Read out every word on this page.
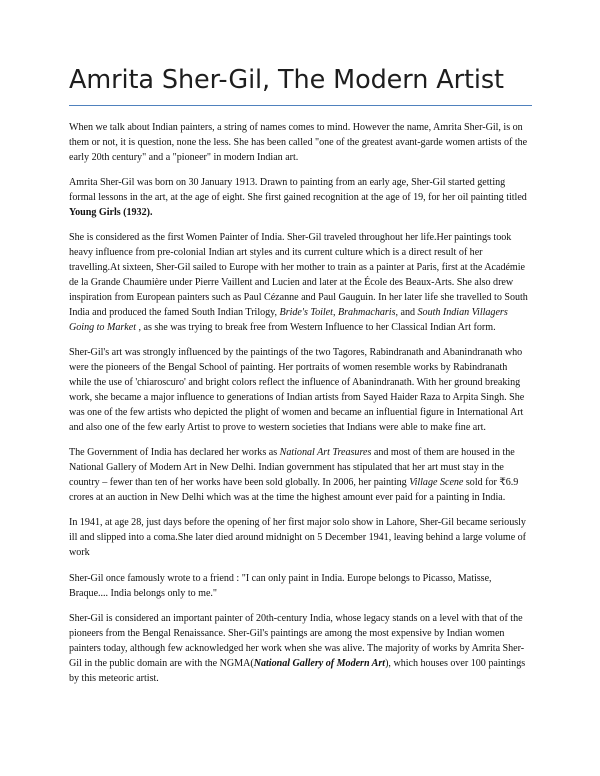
Amrita Sher-Gil, The Modern Artist

When we talk about Indian painters, a string of names comes to mind. However the name, Amrita Sher-Gil, is on them or not, it is question, none the less. She has been called "one of the greatest avant-garde women artists of the early 20th century" and a "pioneer" in modern Indian art.

Amrita Sher-Gil was born on 30 January 1913. Drawn to painting from an early age, Sher-Gil started getting formal lessons in the art, at the age of eight. She first gained recognition at the age of 19, for her oil painting titled Young Girls (1932).

She is considered as the first Women Painter of India. Sher-Gil traveled throughout her life.Her paintings took heavy influence from pre-colonial Indian art styles and its current culture which is a direct result of her travelling.At sixteen, Sher-Gil sailed to Europe with her mother to train as a painter at Paris, first at the Académie de la Grande Chaumière under Pierre Vaillent and Lucien and later at the École des Beaux-Arts. She also drew inspiration from European painters such as Paul Cézanne and Paul Gauguin. In her later life she travelled to South India and produced the famed South Indian Trilogy, Bride's Toilet, Brahmacharis, and South Indian Villagers Going to Market , as she was trying to break free from Western Influence to her Classical Indian Art form.

Sher-Gil's art was strongly influenced by the paintings of the two Tagores, Rabindranath and Abanindranath who were the pioneers of the Bengal School of painting. Her portraits of women resemble works by Rabindranath while the use of 'chiaroscuro' and bright colors reflect the influence of Abanindranath. With her ground breaking work, she became a major influence to generations of Indian artists from Sayed Haider Raza to Arpita Singh. She was one of the few artists who depicted the plight of women and became an influential figure in International Art and also one of the few early Artist to prove to western societies that Indians were able to make fine art.

The Government of India has declared her works as National Art Treasures and most of them are housed in the National Gallery of Modern Art in New Delhi. Indian government has stipulated that her art must stay in the country – fewer than ten of her works have been sold globally. In 2006, her painting Village Scene sold for ₹6.9 crores at an auction in New Delhi which was at the time the highest amount ever paid for a painting in India.

In 1941, at age 28, just days before the opening of her first major solo show in Lahore, Sher-Gil became seriously ill and slipped into a coma.She later died around midnight on 5 December 1941, leaving behind a large volume of work

Sher-Gil once famously wrote to a friend : "I can only paint in India. Europe belongs to Picasso, Matisse, Braque.... India belongs only to me."

Sher-Gil is considered an important painter of 20th-century India, whose legacy stands on a level with that of the pioneers from the Bengal Renaissance. Sher-Gil's paintings are among the most expensive by Indian women painters today, although few acknowledged her work when she was alive. The majority of works by Amrita Sher- Gil in the public domain are with the NGMA(National Gallery of Modern Art), which houses over 100 paintings by this meteoric artist.
